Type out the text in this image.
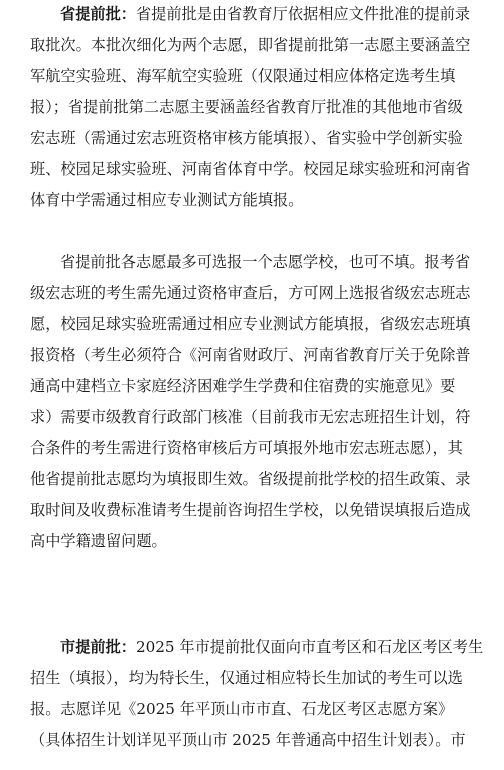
省提前批：省提前批是由省教育厅依据相应文件批准的提前录
取批次。本批次细化为两个志愿，即省提前批第一志愿主要涵盖空
军航空实验班、海军航空实验班（仅限通过相应体格定选考生填
报）；省提前批第二志愿主要涵盖经省教育厅批准的其他地市省级
宏志班（需通过宏志班资格审核方能填报）、省实验中学创新实验
班、校园足球实验班、河南省体育中学。校园足球实验班和河南省
体育中学需通过相应专业测试方能填报。
省提前批各志愿最多可选报一个志愿学校，也可不填。报考省
级宏志班的考生需先通过资格审查后，方可网上选报省级宏志班志
愿，校园足球实验班需通过相应专业测试方能填报，省级宏志班填
报资格（考生必须符合《河南省财政厅、河南省教育厅关于免除普
通高中建档立卡家庭经济困难学生学费和住宿费的实施意见》要
求）需要市级教育行政部门核准（目前我市无宏志班招生计划，符
合条件的考生需进行资格审核后方可填报外地市宏志班志愿），其
他省提前批志愿均为填报即生效。省级提前批学校的招生政策、录
取时间及收费标准请考生提前咨询招生学校，以免错误填报后造成
高中学籍遗留问题。
市提前批：2025 年市提前批仅面向市直考区和石龙区考区考生
招生（填报），均为特长生，仅通过相应特长生加试的考生可以选
报。志愿详见《2025 年平顶山市市直、石龙区考区志愿方案》
（具体招生计划详见平顶山市 2025 年普通高中招生计划表）。市
